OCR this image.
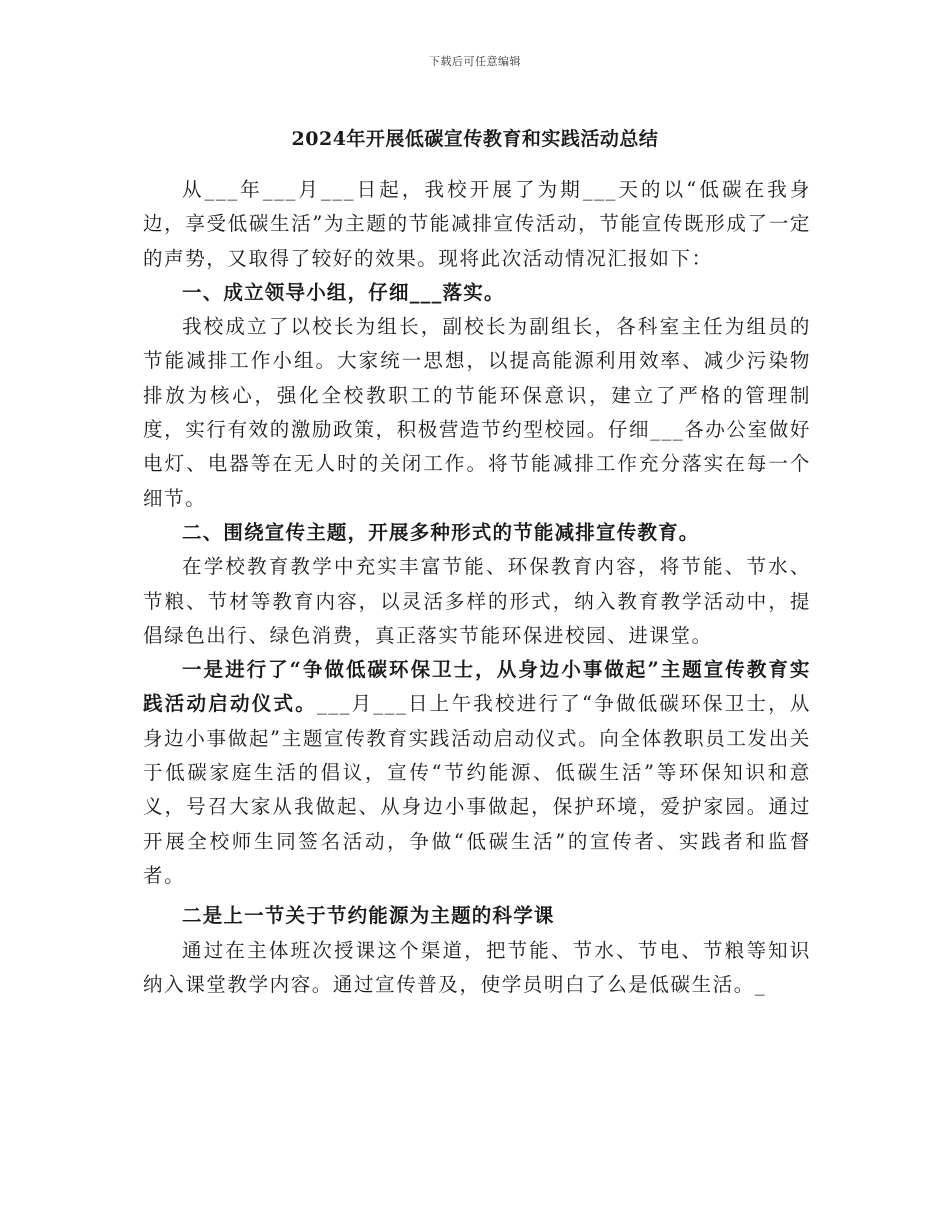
下载后可任意编辑
2024年开展低碳宣传教育和实践活动总结

从___年___月___日起，我校开展了为期___天的以“低碳在我身边，享受低碳生活”为主题的节能减排宣传活动，节能宣传既形成了一定的声势，又取得了较好的效果。现将此次活动情况汇报如下：

一、成立领导小组，仔细___落实。

我校成立了以校长为组长，副校长为副组长，各科室主任为组员的节能减排工作小组。大家统一思想，以提高能源利用效率、减少污染物排放为核心，强化全校教职工的节能环保意识，建立了严格的管理制度，实行有效的激励政策，积极营造节约型校园。仔细___各办公室做好电灯、电器等在无人时的关闭工作。将节能减排工作充分落实在每一个细节。

二、围绕宣传主题，开展多种形式的节能减排宣传教育。

在学校教育教学中充实丰富节能、环保教育内容，将节能、节水、节粮、节材等教育内容，以灵活多样的形式，纳入教育教学活动中，提倡绿色出行、绿色消费，真正落实节能环保进校园、进课堂。

一是进行了“争做低碳环保卫士，从身边小事做起”主题宣传教育实践活动启动仪式。___月___日上午我校进行了“争做低碳环保卫士，从身边小事做起”主题宣传教育实践活动启动仪式。向全体教职员工发出关于低碳家庭生活的倡议，宣传“节约能源、低碳生活”等环保知识和意义，号召大家从我做起、从身边小事做起，保护环境，爱护家园。通过开展全校师生同签名活动，争做“低碳生活”的宣传者、实践者和监督者。

二是上一节关于节约能源为主题的科学课

通过在主体班次授课这个渠道，把节能、节水、节电、节粮等知识纳入课堂教学内容。通过宣传普及，使学员明白了么是低碳生活。_
